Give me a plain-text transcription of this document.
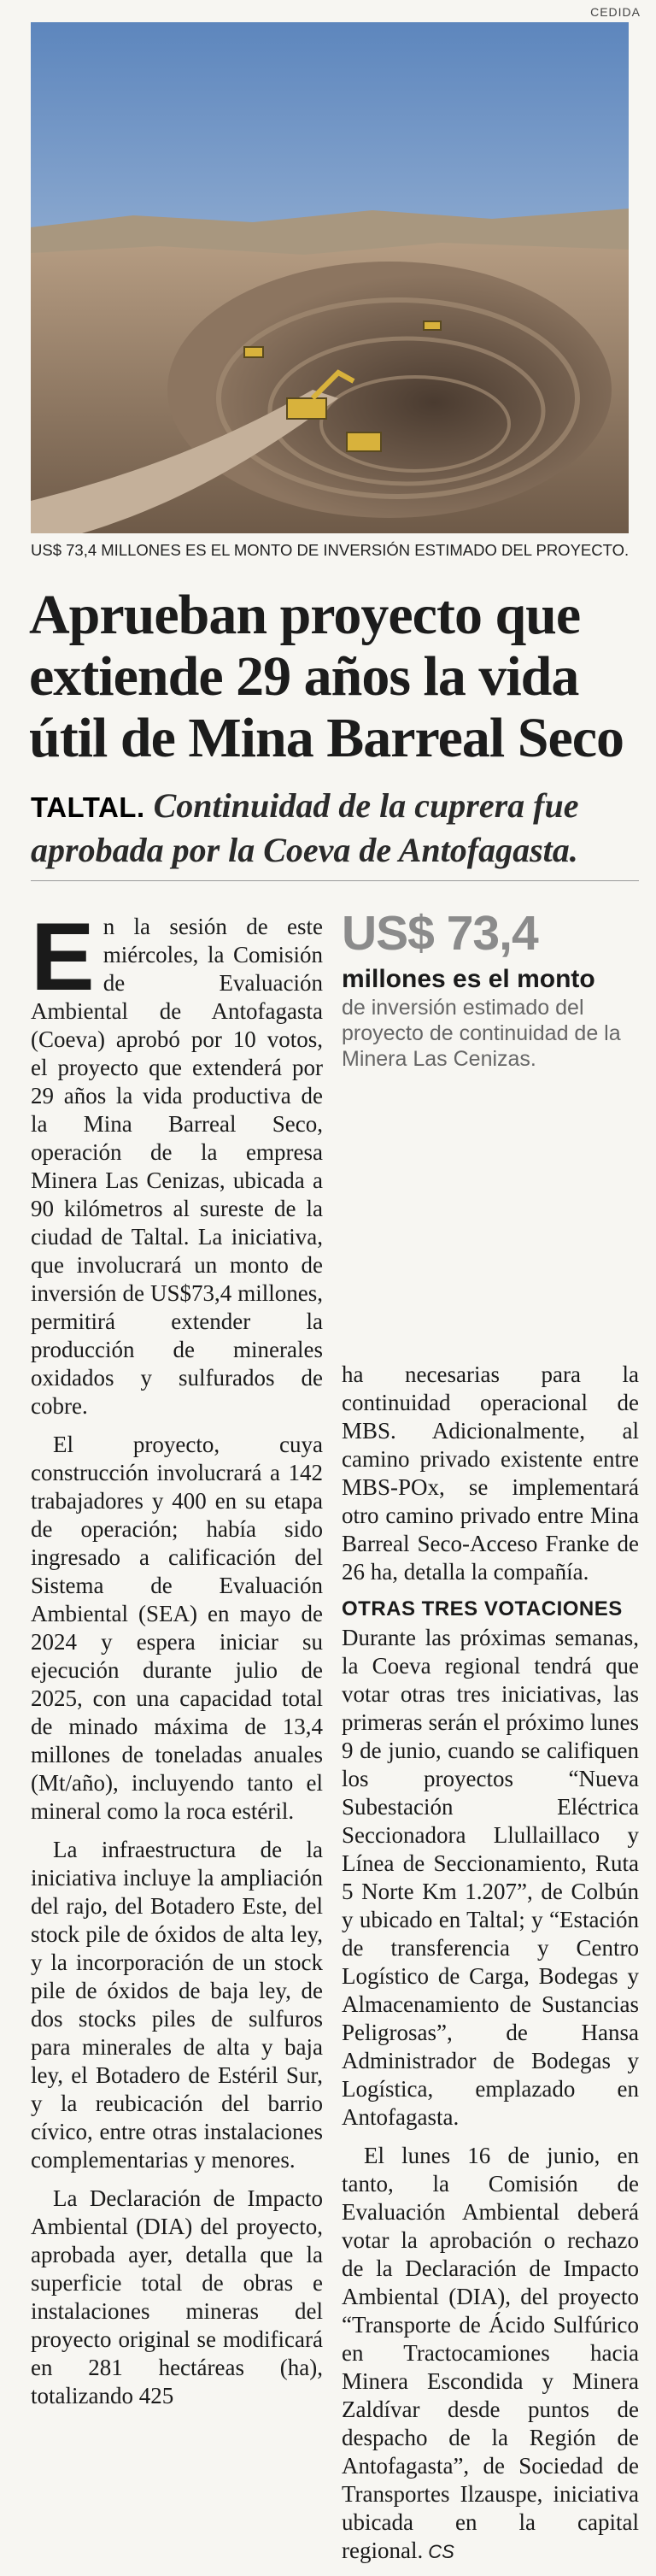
CEDIDA
US$ 73,4 MILLONES ES EL MONTO DE INVERSIÓN ESTIMADO DEL PROYECTO.
Aprueban proyecto que
extiende 29 años la vida
útil de Mina Barreal Seco
TALTAL. Continuidad de la cuprera fue aprobada por la Coeva de Antofagasta.

En la sesión de este miércoles, la Comisión de Evaluación Ambiental de Antofagasta (Coeva) aprobó por 10 votos, el proyecto que extenderá por 29 años la vida productiva de la Mina Barreal Seco, operación de la empresa Minera Las Cenizas, ubicada a 90 kilómetros al sureste de la ciudad de Taltal. La iniciativa, que involucrará un monto de inversión de US$73,4 millones, permitirá extender la producción de minerales oxidados y sulfurados de cobre.

El proyecto, cuya construcción involucrará a 142 trabajadores y 400 en su etapa de operación; había sido ingresado a calificación del Sistema de Evaluación Ambiental (SEA) en mayo de 2024 y espera iniciar su ejecución durante julio de 2025, con una capacidad total de minado máxima de 13,4 millones de toneladas anuales (Mt/año), incluyendo tanto el mineral como la roca estéril.

La infraestructura de la iniciativa incluye la ampliación del rajo, del Botadero Este, del stock pile de óxidos de alta ley, y la incorporación de un stock pile de óxidos de baja ley, de dos stocks piles de sulfuros para minerales de alta y baja ley, el Botadero de Estéril Sur, y la reubicación del barrio cívico, entre otras instalaciones complementarias y menores.

La Declaración de Impacto Ambiental (DIA) del proyecto, aprobada ayer, detalla que la superficie total de obras e instalaciones mineras del proyecto original se modificará en 281 hectáreas (ha), totalizando 425

US$ 73,4
millones es el monto
de inversión estimado del proyecto de continuidad de la Minera Las Cenizas.

ha necesarias para la continuidad operacional de MBS. Adicionalmente, al camino privado existente entre MBS-POx, se implementará otro camino privado entre Mina Barreal Seco-Acceso Franke de 26 ha, detalla la compañía.

OTRAS TRES VOTACIONES

Durante las próximas semanas, la Coeva regional tendrá que votar otras tres iniciativas, las primeras serán el próximo lunes 9 de junio, cuando se califiquen los proyectos “Nueva Subestación Eléctrica Seccionadora Llullaillaco y Línea de Seccionamiento, Ruta 5 Norte Km 1.207”, de Colbún y ubicado en Taltal; y “Estación de transferencia y Centro Logístico de Carga, Bodegas y Almacenamiento de Sustancias Peligrosas”, de Hansa Administrador de Bodegas y Logística, emplazado en Antofagasta.

El lunes 16 de junio, en tanto, la Comisión de Evaluación Ambiental deberá votar la aprobación o rechazo de la Declaración de Impacto Ambiental (DIA), del proyecto “Transporte de Ácido Sulfúrico en Tractocamiones hacia Minera Escondida y Minera Zaldívar desde puntos de despacho de la Región de Antofagasta”, de Sociedad de Transportes Ilzauspe, iniciativa ubicada en la capital regional. CS
